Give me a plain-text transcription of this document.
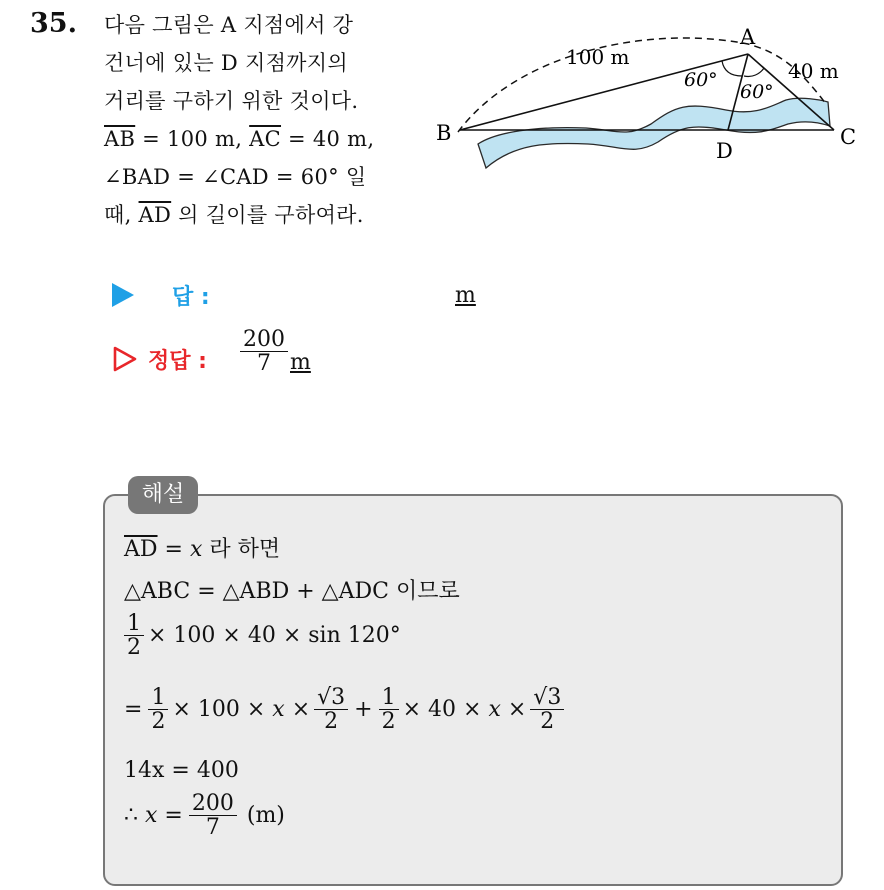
35. 다음 그림은 A 지점에서 강
건너에 있는 D 지점까지의
거리를 구하기 위한 것이다.
$\overline{AB} = 100$ m, $\overline{AC} = 40$ m,
∠BAD = ∠CAD = 60° 일
때, $\overline{AD}$ 의 길이를 구하여라.
A
B	C
D
100 m
40 m
60°
60°
답 :	m
정답 : $\frac{200}{7}$ m
해설
$\overline{AD} = x$ 라 하면
△ABC = △ABD + △ADC 이므로
$\frac{1}{2} \times 100 \times 40 \times \sin 120^\circ$
= $\frac{1}{2} \times 100 \times x \times \frac{√3}{2} + \frac{1}{2} \times 40 \times x \times \frac{√3}{2}$
14x = 400
∴ $x = \frac{200}{7} (m)$
